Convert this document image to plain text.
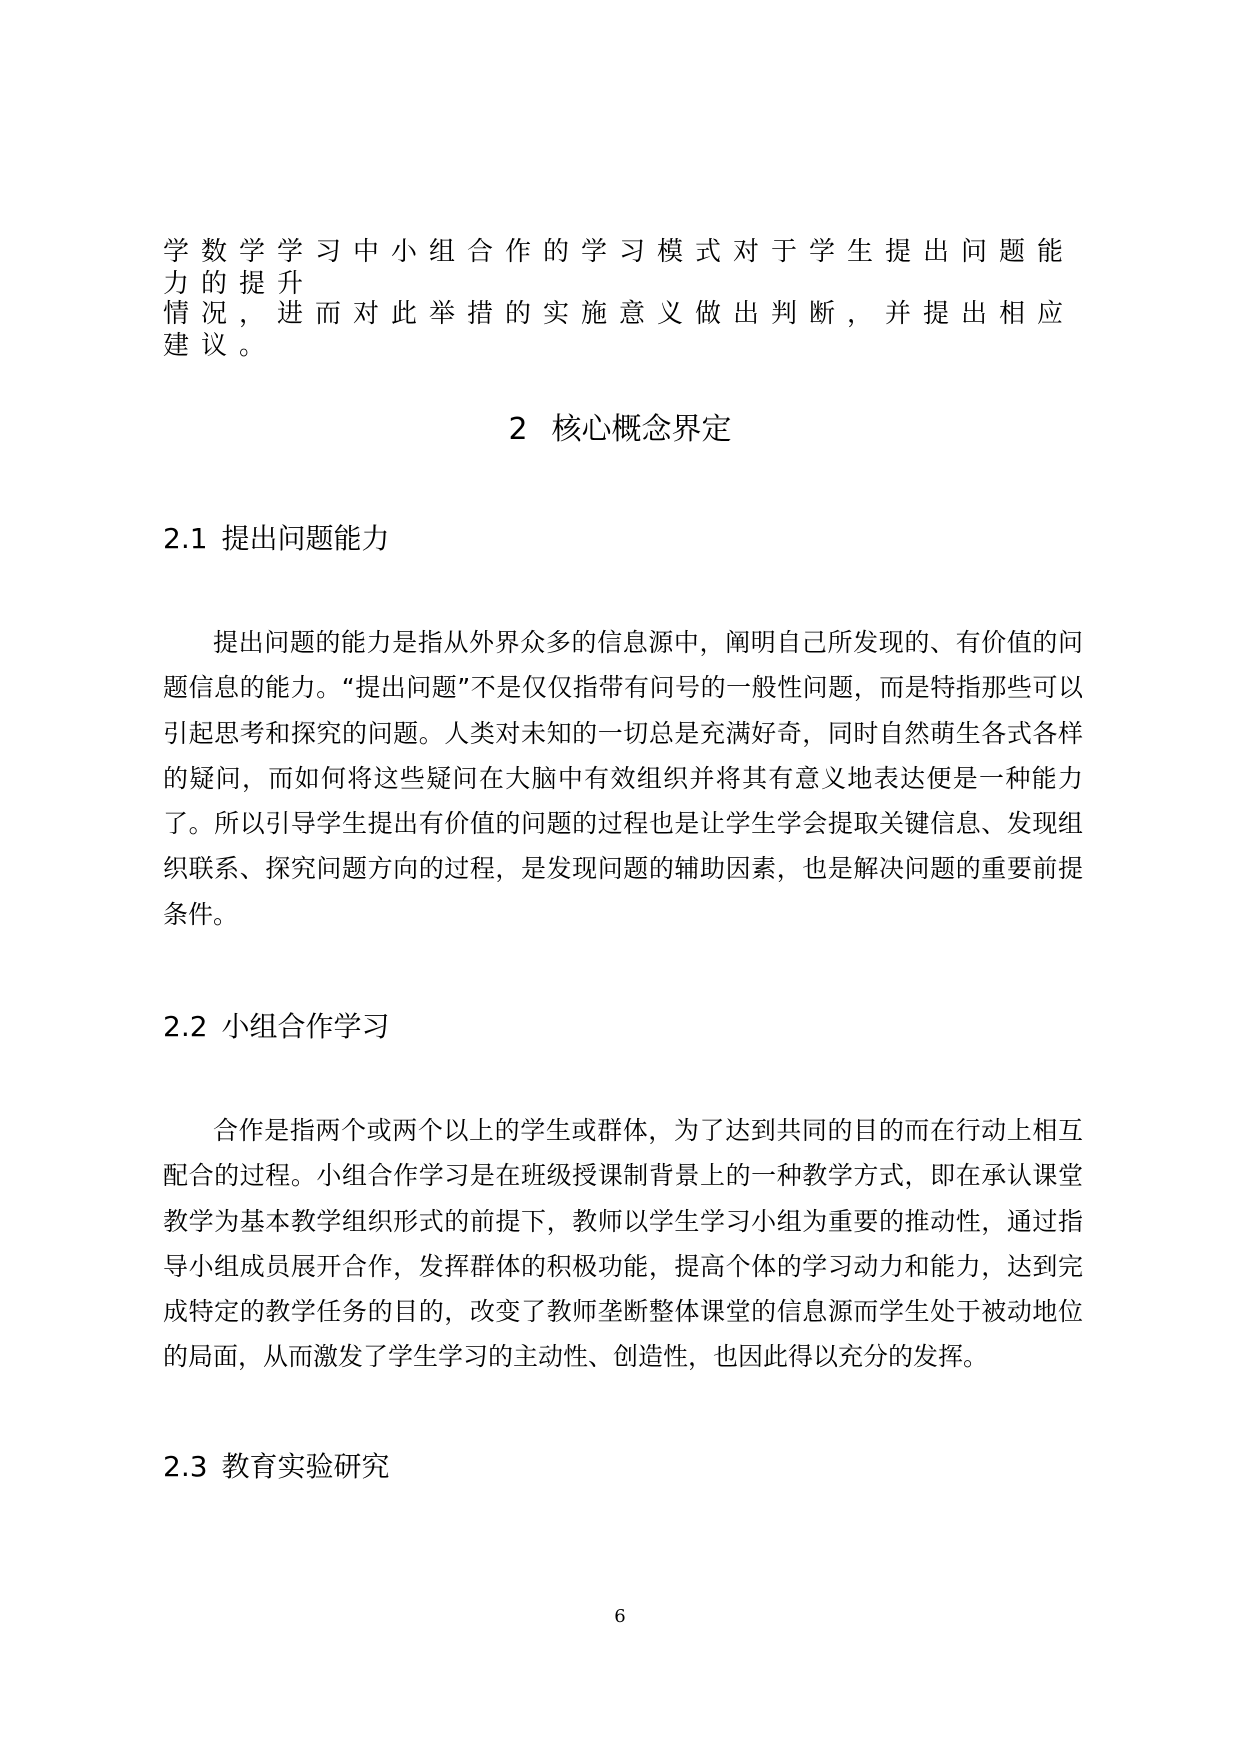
学数学学习中小组合作的学习模式对于学生提出问题能力的提升
情况，进而对此举措的实施意义做出判断，并提出相应建议。
2 核心概念界定
2.1 提出问题能力
提出问题的能力是指从外界众多的信息源中，阐明自己所发现的、有价值的问题信息的能力。“提出问题”不是仅仅指带有问号的一般性问题，而是特指那些可以引起思考和探究的问题。人类对未知的一切总是充满好奇，同时自然萌生各式各样的疑问，而如何将这些疑问在大脑中有效组织并将其有意义地表达便是一种能力了。所以引导学生提出有价值的问题的过程也是让学生学会提取关键信息、发现组织联系、探究问题方向的过程，是发现问题的辅助因素，也是解决问题的重要前提条件。
2.2 小组合作学习
合作是指两个或两个以上的学生或群体，为了达到共同的目的而在行动上相互配合的过程。小组合作学习是在班级授课制背景上的一种教学方式，即在承认课堂教学为基本教学组织形式的前提下，教师以学生学习小组为重要的推动性，通过指导小组成员展开合作，发挥群体的积极功能，提高个体的学习动力和能力，达到完成特定的教学任务的目的，改变了教师垄断整体课堂的信息源而学生处于被动地位的局面，从而激发了学生学习的主动性、创造性，也因此得以充分的发挥。
2.3 教育实验研究
6
